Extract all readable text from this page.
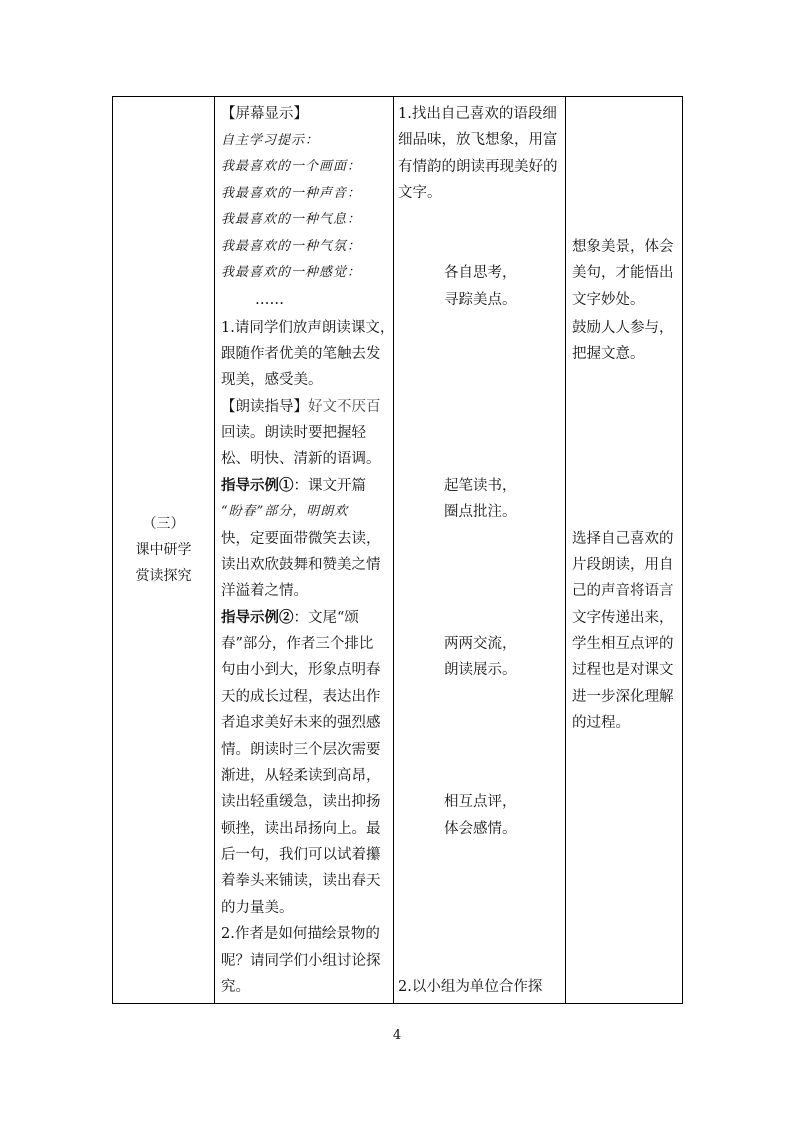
（三）
课中研学
赏读探究

【屏幕显示】
自主学习提示：
我最喜欢的一个画面：
我最喜欢的一种声音：
我最喜欢的一种气息：
我最喜欢的一种气氛：
我最喜欢的一种感觉：
……
1.请同学们放声朗读课文，
跟随作者优美的笔触去发
现美，感受美。
【朗读指导】好文不厌百
回读。朗读时要把握轻
松、明快、清新的语调。
指导示例①：课文开篇
“盼春”部分，明朗欢
快，定要面带微笑去读，
读出欢欣鼓舞和赞美之情
洋溢着之情。
指导示例②：文尾“颂
春”部分，作者三个排比
句由小到大，形象点明春
天的成长过程，表达出作
者追求美好未来的强烈感
情。朗读时三个层次需要
渐进，从轻柔读到高昂，
读出轻重缓急，读出抑扬
顿挫，读出昂扬向上。最
后一句，我们可以试着攥
着拳头来铺读，读出春天
的力量美。
2.作者是如何描绘景物的
呢？请同学们小组讨论探
究。

1.找出自己喜欢的语段细
细品味，放飞想象，用富
有情韵的朗读再现美好的
文字。
各自思考，
寻踪美点。
起笔读书，
圈点批注。
两两交流，
朗读展示。
相互点评，
体会感情。
2.以小组为单位合作探

想象美景，体会
美句，才能悟出
文字妙处。
鼓励人人参与，
把握文意。
选择自己喜欢的
片段朗读，用自
己的声音将语言
文字传递出来，
学生相互点评的
过程也是对课文
进一步深化理解
的过程。
4
